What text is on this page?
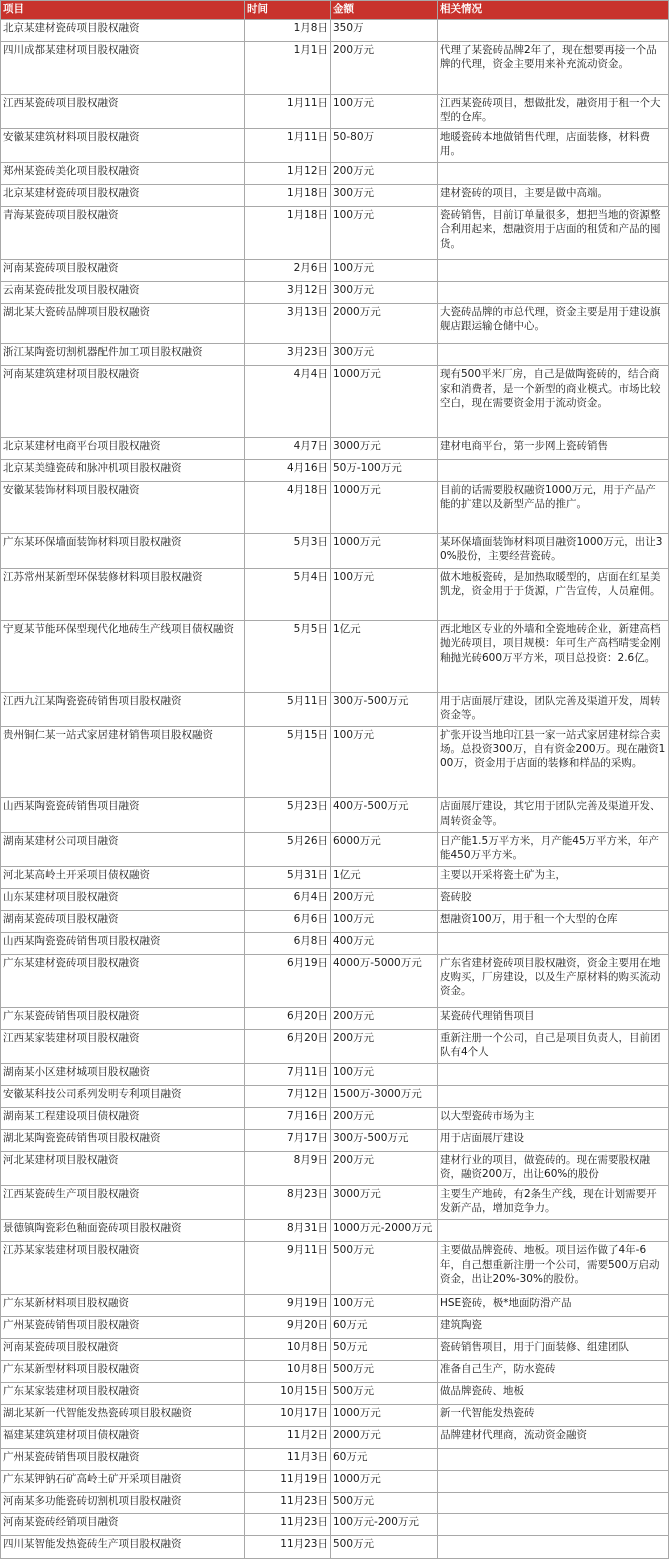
项目	时间	金额	相关情况
北京某建材瓷砖项目股权融资	1月8日	350万	
四川成都某建材项目股权融资	1月1日	200万元	代理了某瓷砖品牌2年了，现在想要再接一个品牌的代理，资金主要用来补充流动资金。
江西某瓷砖项目股权融资	1月11日	100万元	江西某瓷砖项目，想做批发，融资用于租一个大型的仓库。
安徽某建筑材料项目股权融资	1月11日	50-80万	地暖瓷砖本地做销售代理，店面装修，材料费用。
郑州某瓷砖美化项目股权融资	1月12日	200万元	
北京某建材瓷砖项目股权融资	1月18日	300万元	建材瓷砖的项目，主要是做中高端。
青海某瓷砖项目股权融资	1月18日	100万元	瓷砖销售，目前订单量很多，想把当地的资源整合利用起来，想融资用于店面的租赁和产品的囤货。
河南某瓷砖项目股权融资	2月6日	100万元	
云南某瓷砖批发项目股权融资	3月12日	300万元	
湖北某大瓷砖品牌项目股权融资	3月13日	2000万元	大瓷砖品牌的市总代理，资金主要是用于建设旗舰店跟运输仓储中心。
浙江某陶瓷切割机器配件加工项目股权融资	3月23日	300万元	
河南某建筑建材项目股权融资	4月4日	1000万元	现有500平米厂房，自己是做陶瓷砖的，结合商家和消费者，是一个新型的商业模式。市场比较空白，现在需要资金用于流动资金。
北京某建材电商平台项目股权融资	4月7日	3000万元	建材电商平台，第一步网上瓷砖销售
北京某美缝瓷砖和脉冲机项目股权融资	4月16日	50万-100万元	
安徽某装饰材料项目股权融资	4月18日	1000万元	目前的话需要股权融资1000万元，用于产品产能的扩建以及新型产品的推广。
广东某环保墙面装饰材料项目股权融资	5月3日	1000万元	某环保墙面装饰材料项目融资1000万元，出让30%股份，主要经营瓷砖。
江苏常州某新型环保装修材料项目股权融资	5月4日	100万元	做木地板瓷砖，是加热取暖型的，店面在红星美凯龙，资金用于于货源，广告宣传，人员雇佣。
宁夏某节能环保型现代化地砖生产线项目债权融资	5月5日	1亿元	西北地区专业的外墙和全瓷地砖企业，新建高档抛光砖项目，项目规模：年可生产高档晴雯金刚釉抛光砖600万平方米，项目总投资：2.6亿。
江西九江某陶瓷瓷砖销售项目股权融资	5月11日	300万-500万元	用于店面展厅建设，团队完善及渠道开发，周转资金等。
贵州铜仁某一站式家居建材销售项目股权融资	5月15日	100万元	扩张开设当地印江县一家一站式家居建材综合卖场。总投资300万，自有资金200万。现在融资100万，资金用于店面的装修和样品的采购。
山西某陶瓷瓷砖销售项目融资	5月23日	400万-500万元	店面展厅建设，其它用于团队完善及渠道开发、周转资金等。
湖南某建材公司项目融资	5月26日	6000万元	日产能1.5万平方米，月产能45万平方米，年产能450万平方米。
河北某高岭土开采项目债权融资	5月31日	1亿元	主要以开采将瓷土矿为主，
山东某建材项目股权融资	6月4日	200万元	瓷砖胶
湖南某瓷砖项目股权融资	6月6日	100万元	想融资100万，用于租一个大型的仓库
山西某陶瓷瓷砖销售项目股权融资	6月8日	400万元	
广东某建材瓷砖项目股权融资	6月19日	4000万-5000万元	广东省建材瓷砖项目股权融资，资金主要用在地皮购买，厂房建设，以及生产原材料的购买流动资金。
广东某瓷砖销售项目股权融资	6月20日	200万元	某瓷砖代理销售项目
江西某家装建材项目股权融资	6月20日	200万元	重新注册一个公司，自己是项目负责人，目前团队有4个人
湖南某小区建材城项目股权融资	7月11日	100万元	
安徽某科技公司系列发明专利项目融资	7月12日	1500万-3000万元	
湖南某工程建设项目债权融资	7月16日	200万元	以大型瓷砖市场为主
湖北某陶瓷瓷砖销售项目股权融资	7月17日	300万-500万元	用于店面展厅建设
河北某建材项目股权融资	8月9日	200万元	建材行业的项目，做瓷砖的。现在需要股权融资，融资200万，出让60%的股份
江西某瓷砖生产项目股权融资	8月23日	3000万元	主要生产地砖，有2条生产线，现在计划需要开发新产品，增加竞争力。
景德镇陶瓷彩色釉面瓷砖项目股权融资	8月31日	1000万元-2000万元	
江苏某家装建材项目股权融资	9月11日	500万元	主要做品牌瓷砖、地板。项目运作做了4年-6年，自己想重新注册一个公司，需要500万启动资金，出让20%-30%的股份。
广东某新材料项目股权融资	9月19日	100万元	HSE瓷砖，极*地面防滑产品
广州某瓷砖销售项目股权融资	9月20日	60万元	建筑陶瓷
河南某瓷砖项目股权融资	10月8日	50万元	瓷砖销售项目，用于门面装修、组建团队
广东某新型材料项目股权融资	10月8日	500万元	准备自己生产，防水瓷砖
广东某家装建材项目股权融资	10月15日	500万元	做品牌瓷砖、地板
湖北某新一代智能发热瓷砖项目股权融资	10月17日	1000万元	新一代智能发热瓷砖
福建某建筑建材项目债权融资	11月2日	2000万元	品牌建材代理商，流动资金融资
广州某瓷砖销售项目股权融资	11月3日	60万元	
广东某钾钠石矿高岭土矿开采项目融资	11月19日	1000万元	
河南某多功能瓷砖切割机项目股权融资	11月23日	500万元	
河南某瓷砖经销项目融资	11月23日	100万元-200万元	
四川某智能发热瓷砖生产项目股权融资	11月23日	500万元	
